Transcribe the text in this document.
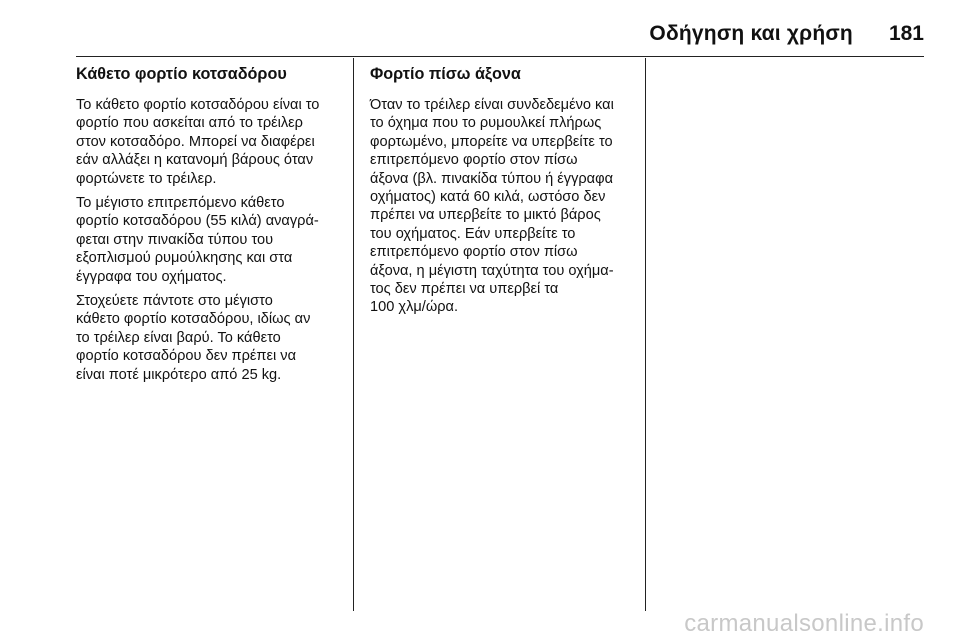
Οδήγηση και χρήση 181
Κάθετο φορτίο κοτσαδόρου

Το κάθετο φορτίο κοτσαδόρου είναι το
φορτίο που ασκείται από το τρέιλερ
στον κοτσαδόρο. Μπορεί να διαφέρει
εάν αλλάξει η κατανομή βάρους όταν
φορτώνετε το τρέιλερ.

Το μέγιστο επιτρεπόμενο κάθετο
φορτίο κοτσαδόρου (55 κιλά) αναγρά‐
φεται στην πινακίδα τύπου του
εξοπλισμού ρυμούλκησης και στα
έγγραφα του οχήματος.

Στοχεύετε πάντοτε στο μέγιστο
κάθετο φορτίο κοτσαδόρου, ιδίως αν
το τρέιλερ είναι βαρύ. Το κάθετο
φορτίο κοτσαδόρου δεν πρέπει να
είναι ποτέ μικρότερο από 25 kg.

Φορτίο πίσω άξονα

Όταν το τρέιλερ είναι συνδεδεμένο και
το όχημα που το ρυμουλκεί πλήρως
φορτωμένο, μπορείτε να υπερβείτε το
επιτρεπόμενο φορτίο στον πίσω
άξονα (βλ. πινακίδα τύπου ή έγγραφα
οχήματος) κατά 60 κιλά, ωστόσο δεν
πρέπει να υπερβείτε το μικτό βάρος
του οχήματος. Εάν υπερβείτε το
επιτρεπόμενο φορτίο στον πίσω
άξονα, η μέγιστη ταχύτητα του οχήμα‐
τος δεν πρέπει να υπερβεί τα
100 χλμ/ώρα.

carmanualsonline.info
